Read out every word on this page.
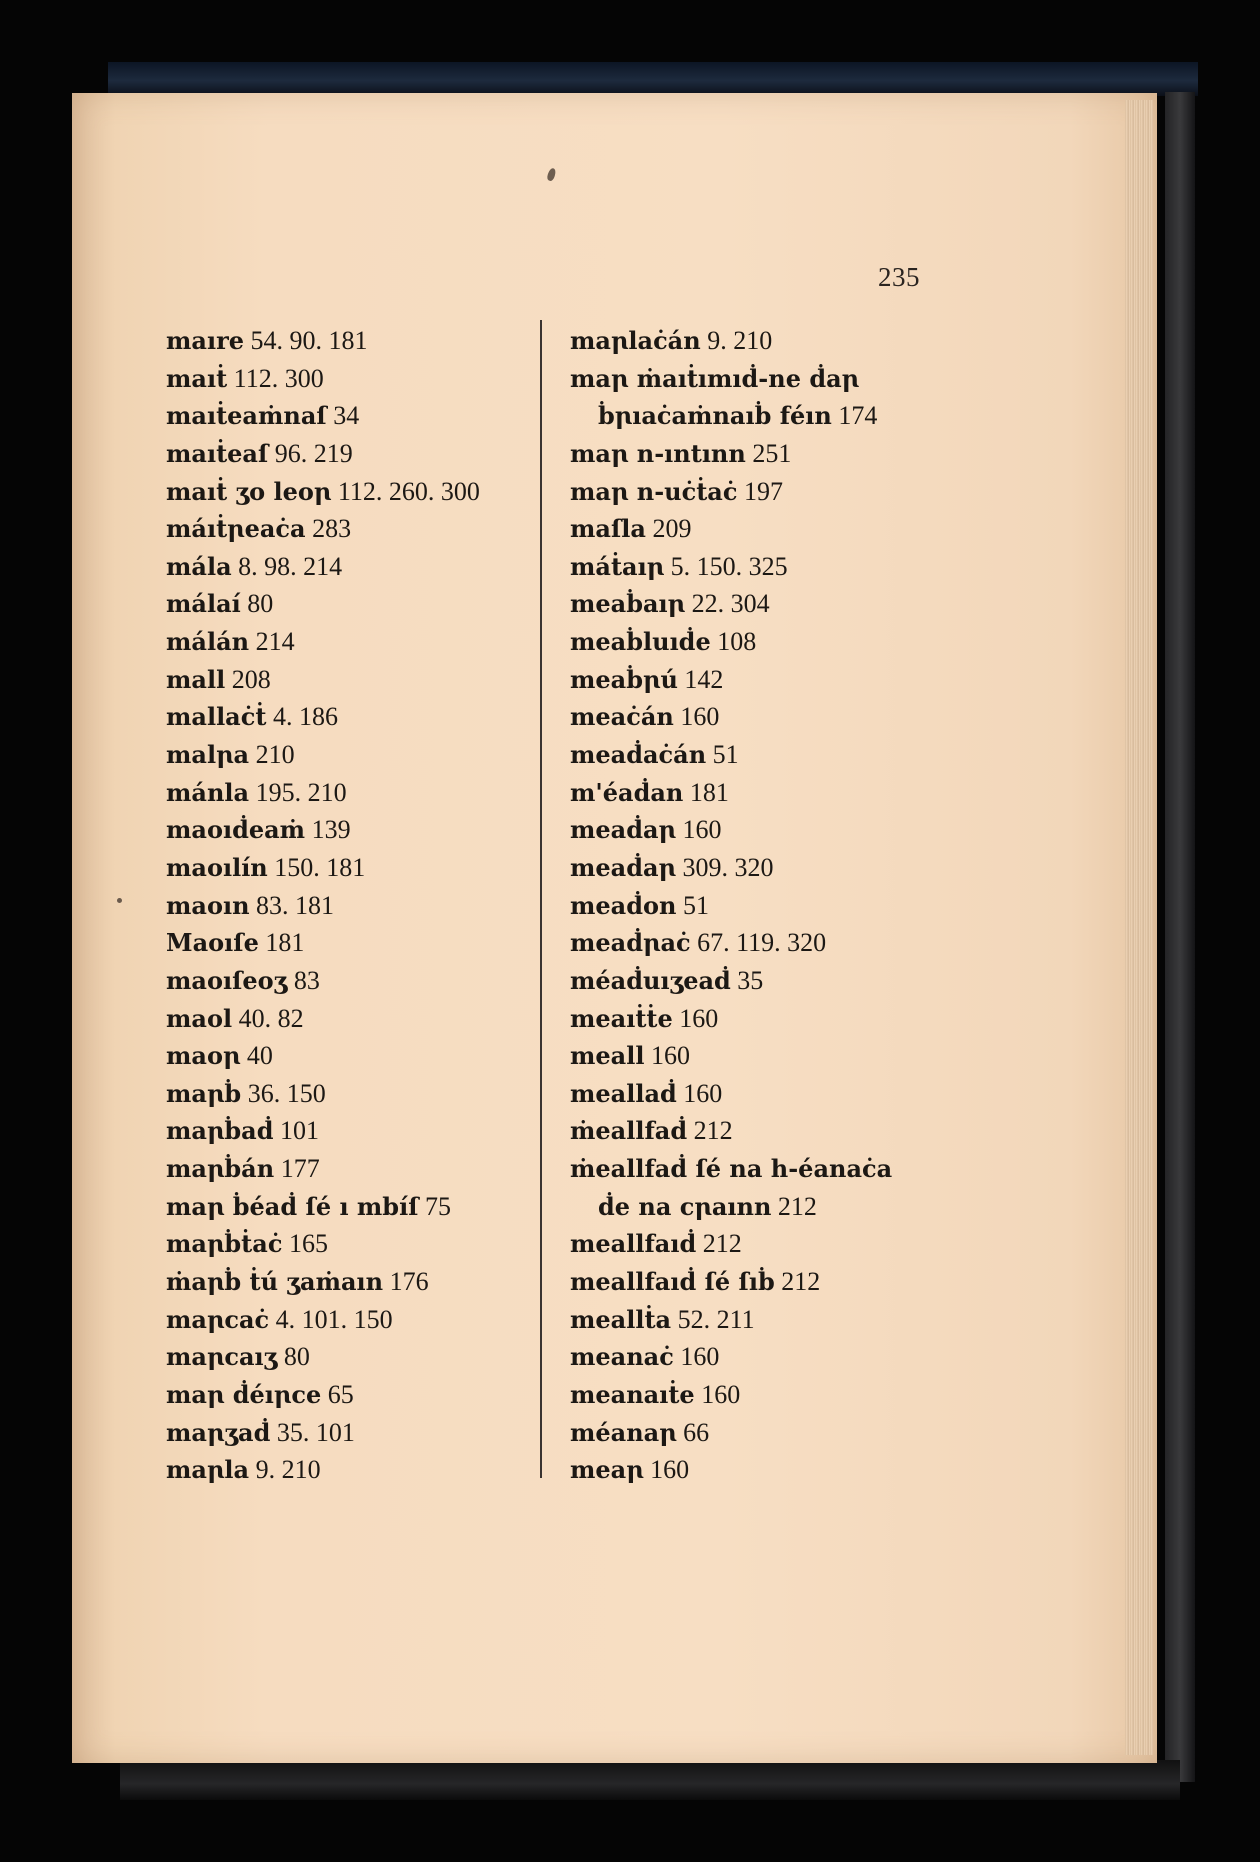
235
maıre 54. 90. 181
maıṫ 112. 300
maıṫeaṁnaſ 34
maıṫeaſ 96. 219
maıṫ ʒo leoꞃ 112. 260. 300
máıṫꞃeaċa 283
mála 8. 98. 214
málaí 80
málán 214
mall 208
mallaċṫ 4. 186
malꞃa 210
mánla 195. 210
maoıḋeaṁ 139
maoılín 150. 181
maoın 83. 181
Maoıſe 181
maoıſeoʒ 83
maol 40. 82
maoꞃ 40
maꞃḃ 36. 150
maꞃḃaḋ 101
maꞃḃán 177
maꞃ ḃéaḋ ſé ı mbíſ 75
maꞃḃṫaċ 165
ṁaꞃḃ ṫú ʒaṁaın 176
maꞃcaċ 4. 101. 150
maꞃcaıʒ 80
maꞃ ḋéıꞃce 65
maꞃʒaḋ 35. 101
maꞃla 9. 210
maꞃlaċán 9. 210
maꞃ ṁaıṫımıḋ-ne ḋaꞃ
ḃꞃıaċaṁnaıḃ féın 174
maꞃ n-ıntınn 251
maꞃ n-uċṫaċ 197
maſla 209
máṫaıꞃ 5. 150. 325
meaḃaıꞃ 22. 304
meaḃluıḋe 108
meaḃꞃú 142
meaċán 160
meaḋaċán 51
m'éaḋan 181
meaḋaꞃ 160
meaḋaꞃ 309. 320
meaḋon 51
meaḋꞃaċ 67. 119. 320
méaḋuıʒeaḋ 35
meaıṫṫe 160
meall 160
meallaḋ 160
ṁeallfaḋ 212
ṁeallfaḋ ſé na h-éanaċa
ḋe na cꞃaınn 212
meallfaıḋ 212
meallfaıḋ ſé ſıḃ 212
meallṫa 52. 211
meanaċ 160
meanaıṫe 160
méanaꞃ 66
meaꞃ 160
